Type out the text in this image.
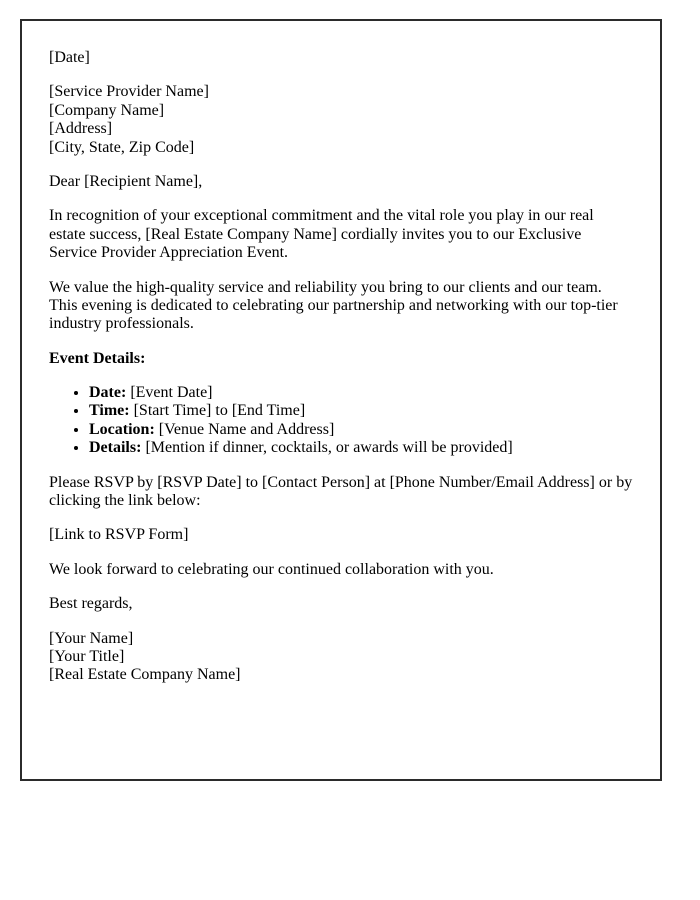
[Date]

[Service Provider Name]
[Company Name]
[Address]
[City, State, Zip Code]

Dear [Recipient Name],

In recognition of your exceptional commitment and the vital role you play in our real estate success, [Real Estate Company Name] cordially invites you to our Exclusive Service Provider Appreciation Event.

We value the high-quality service and reliability you bring to our clients and our team. This evening is dedicated to celebrating our partnership and networking with our top-tier industry professionals.

Event Details:

• Date: [Event Date]
• Time: [Start Time] to [End Time]
• Location: [Venue Name and Address]
• Details: [Mention if dinner, cocktails, or awards will be provided]

Please RSVP by [RSVP Date] to [Contact Person] at [Phone Number/Email Address] or by clicking the link below:

[Link to RSVP Form]

We look forward to celebrating our continued collaboration with you.

Best regards,

[Your Name]
[Your Title]
[Real Estate Company Name]
